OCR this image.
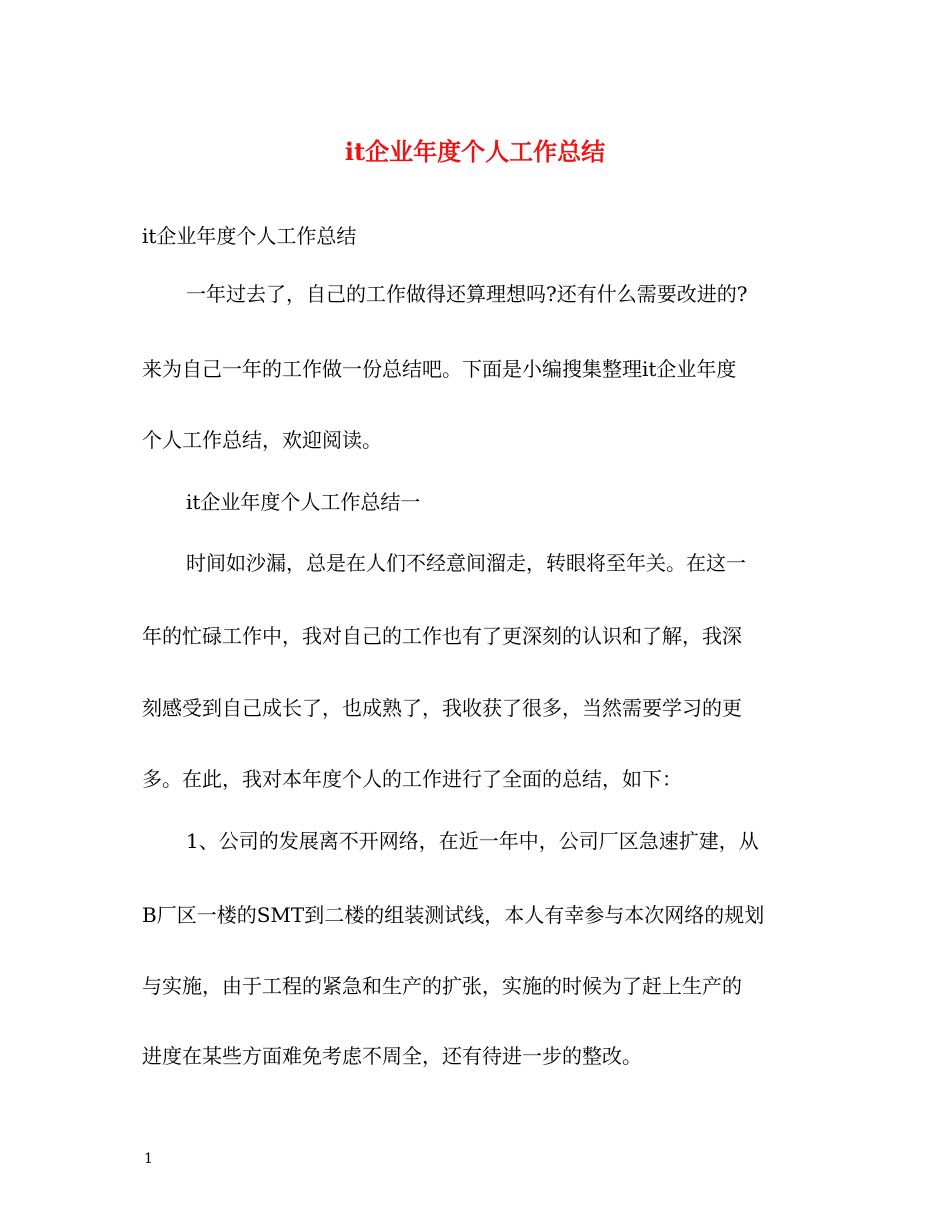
it企业年度个人工作总结
it企业年度个人工作总结
一年过去了，自己的工作做得还算理想吗?还有什么需要改进的?
来为自己一年的工作做一份总结吧。下面是小编搜集整理it企业年度
个人工作总结，欢迎阅读。
it企业年度个人工作总结一
时间如沙漏，总是在人们不经意间溜走，转眼将至年关。在这一
年的忙碌工作中，我对自己的工作也有了更深刻的认识和了解，我深
刻感受到自己成长了，也成熟了，我收获了很多，当然需要学习的更
多。在此，我对本年度个人的工作进行了全面的总结，如下：
1、公司的发展离不开网络，在近一年中，公司厂区急速扩建，从
B厂区一楼的SMT到二楼的组装测试线，本人有幸参与本次网络的规划
与实施，由于工程的紧急和生产的扩张，实施的时候为了赶上生产的
进度在某些方面难免考虑不周全，还有待进一步的整改。
1
